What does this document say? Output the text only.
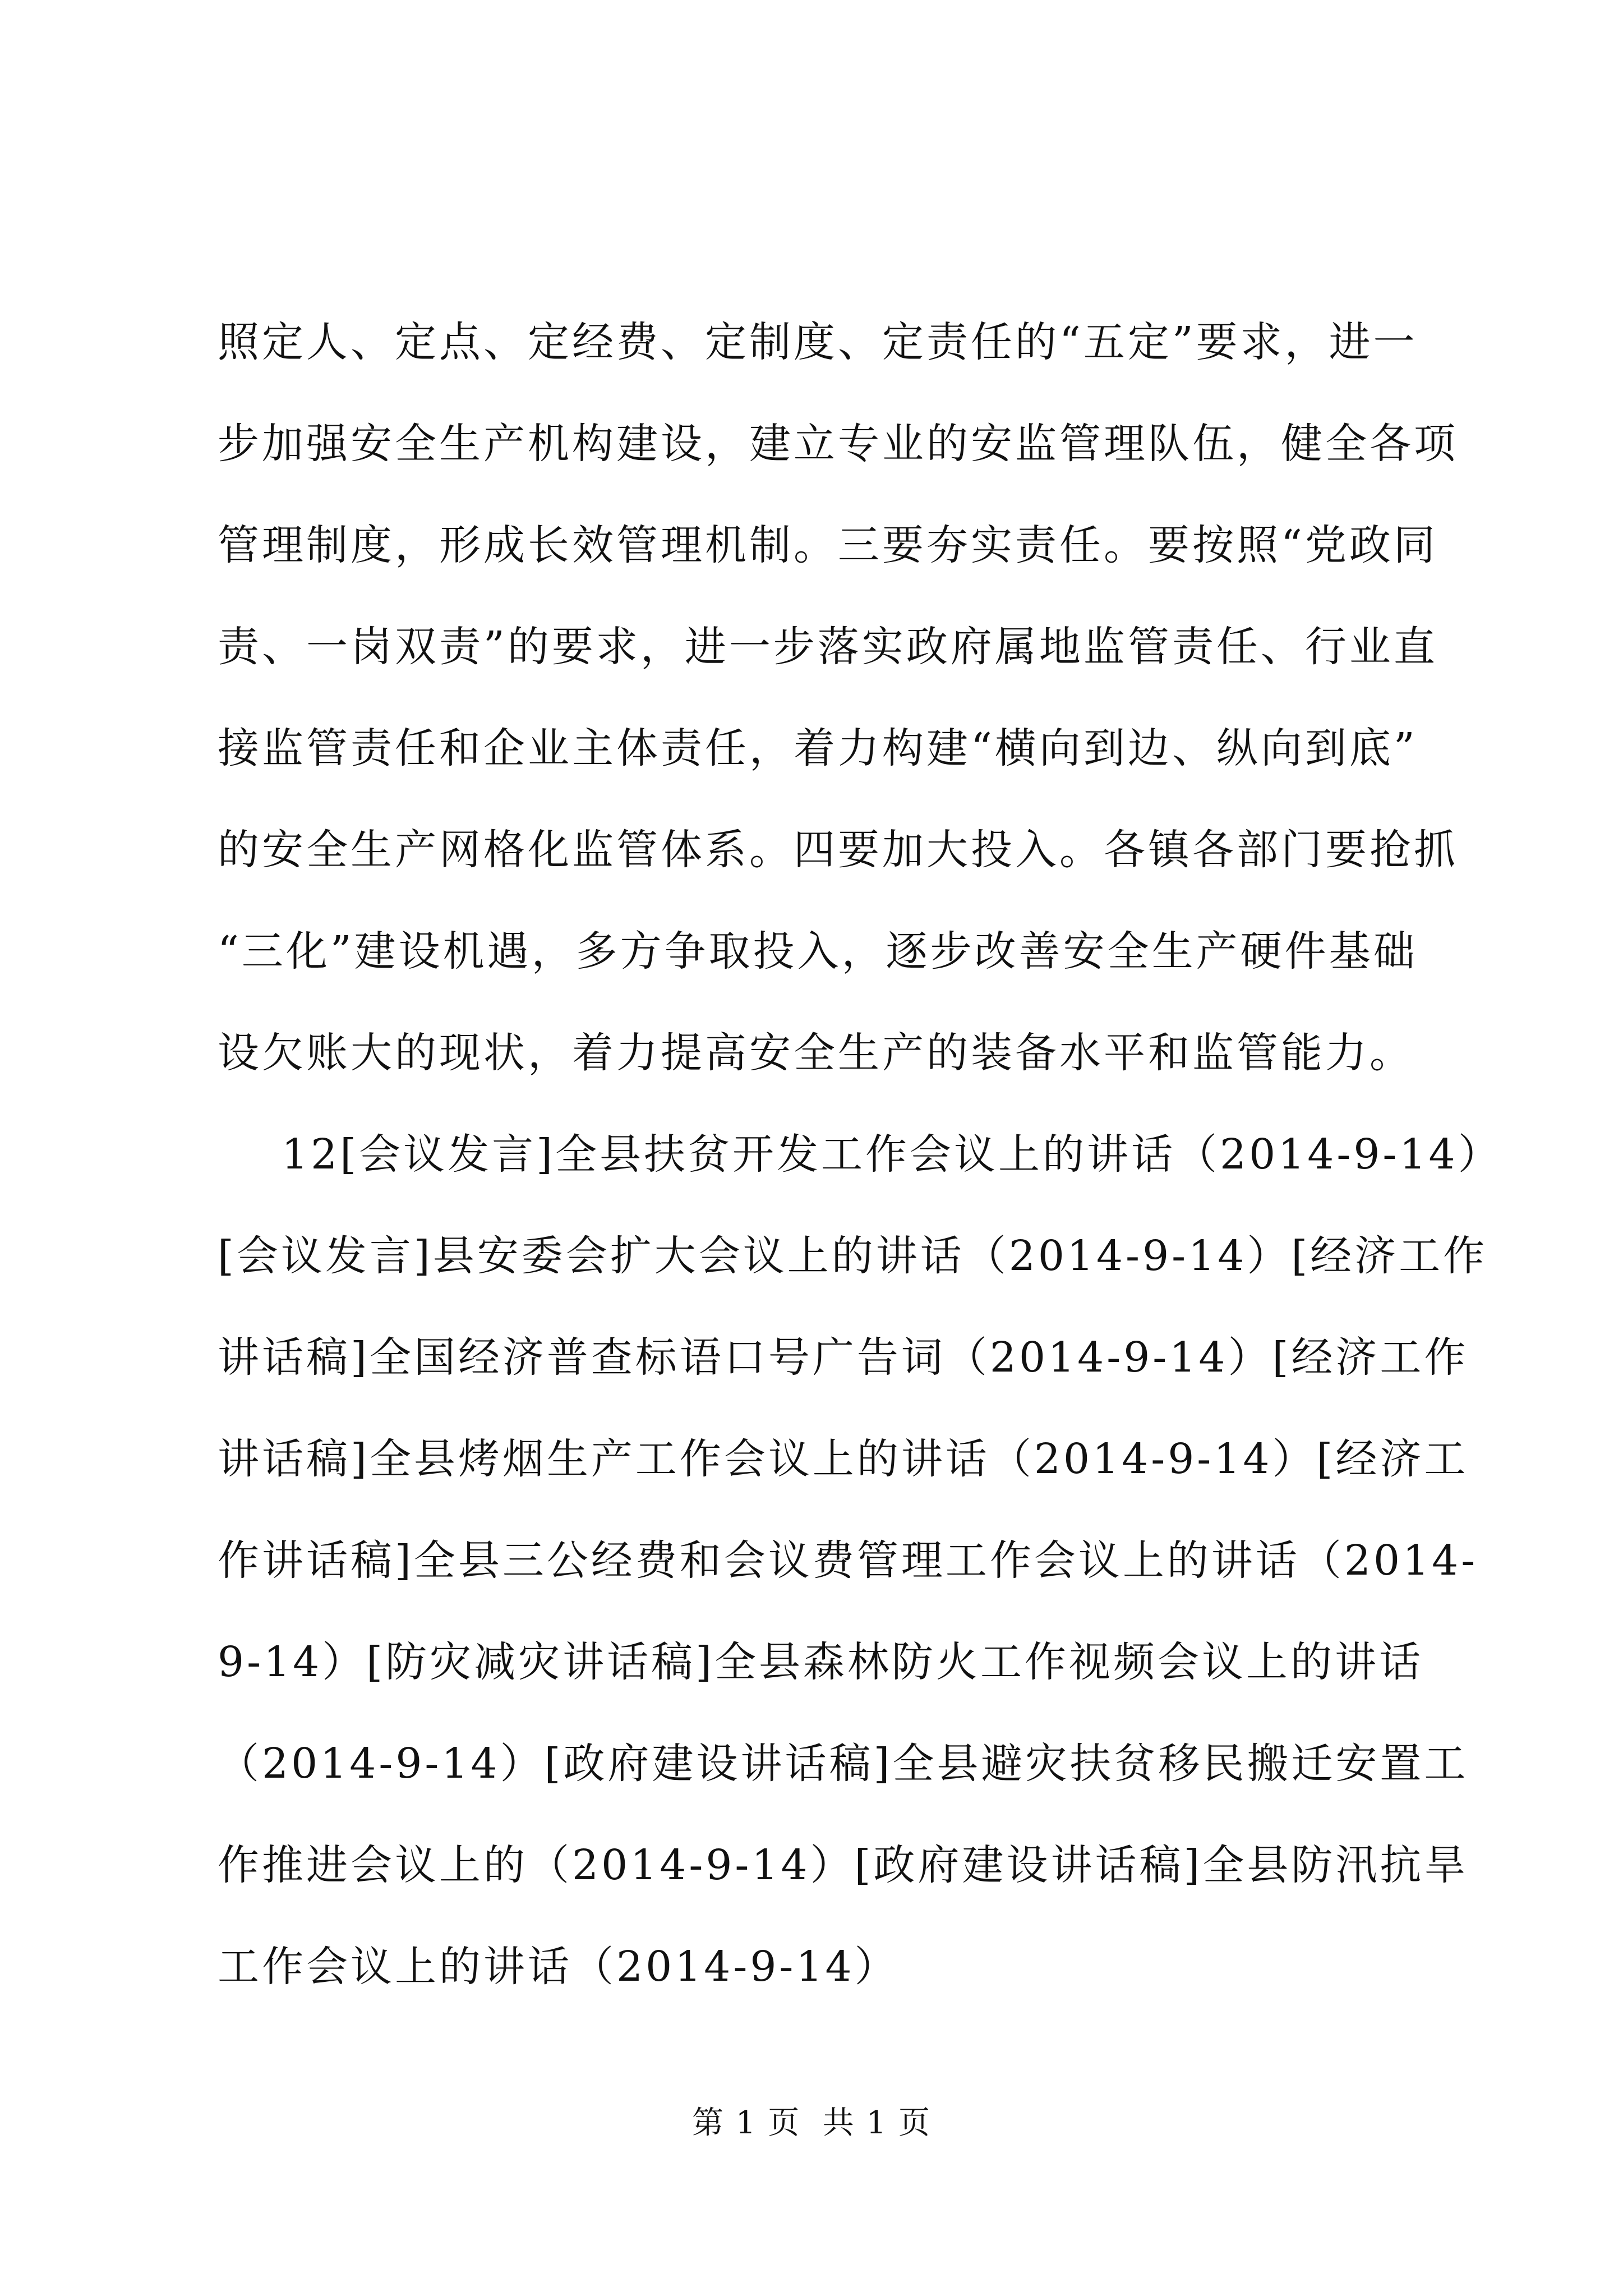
照定人、定点、定经费、定制度、定责任的“五定”要求，进一
步加强安全生产机构建设，建立专业的安监管理队伍，健全各项
管理制度，形成长效管理机制。三要夯实责任。要按照“党政同
责、一岗双责”的要求，进一步落实政府属地监管责任、行业直
接监管责任和企业主体责任，着力构建“横向到边、纵向到底”
的安全生产网格化监管体系。四要加大投入。各镇各部门要抢抓
“三化”建设机遇，多方争取投入，逐步改善安全生产硬件基础
设欠账大的现状，着力提高安全生产的装备水平和监管能力。
12[会议发言]全县扶贫开发工作会议上的讲话（2014-9-14）
[会议发言]县安委会扩大会议上的讲话（2014-9-14）[经济工作
讲话稿]全国经济普查标语口号广告词（2014-9-14）[经济工作
讲话稿]全县烤烟生产工作会议上的讲话（2014-9-14）[经济工
作讲话稿]全县三公经费和会议费管理工作会议上的讲话（2014-
9-14）[防灾减灾讲话稿]全县森林防火工作视频会议上的讲话
（2014-9-14）[政府建设讲话稿]全县避灾扶贫移民搬迁安置工
作推进会议上的（2014-9-14）[政府建设讲话稿]全县防汛抗旱
工作会议上的讲话（2014-9-14）
第 1 页  共 1 页
